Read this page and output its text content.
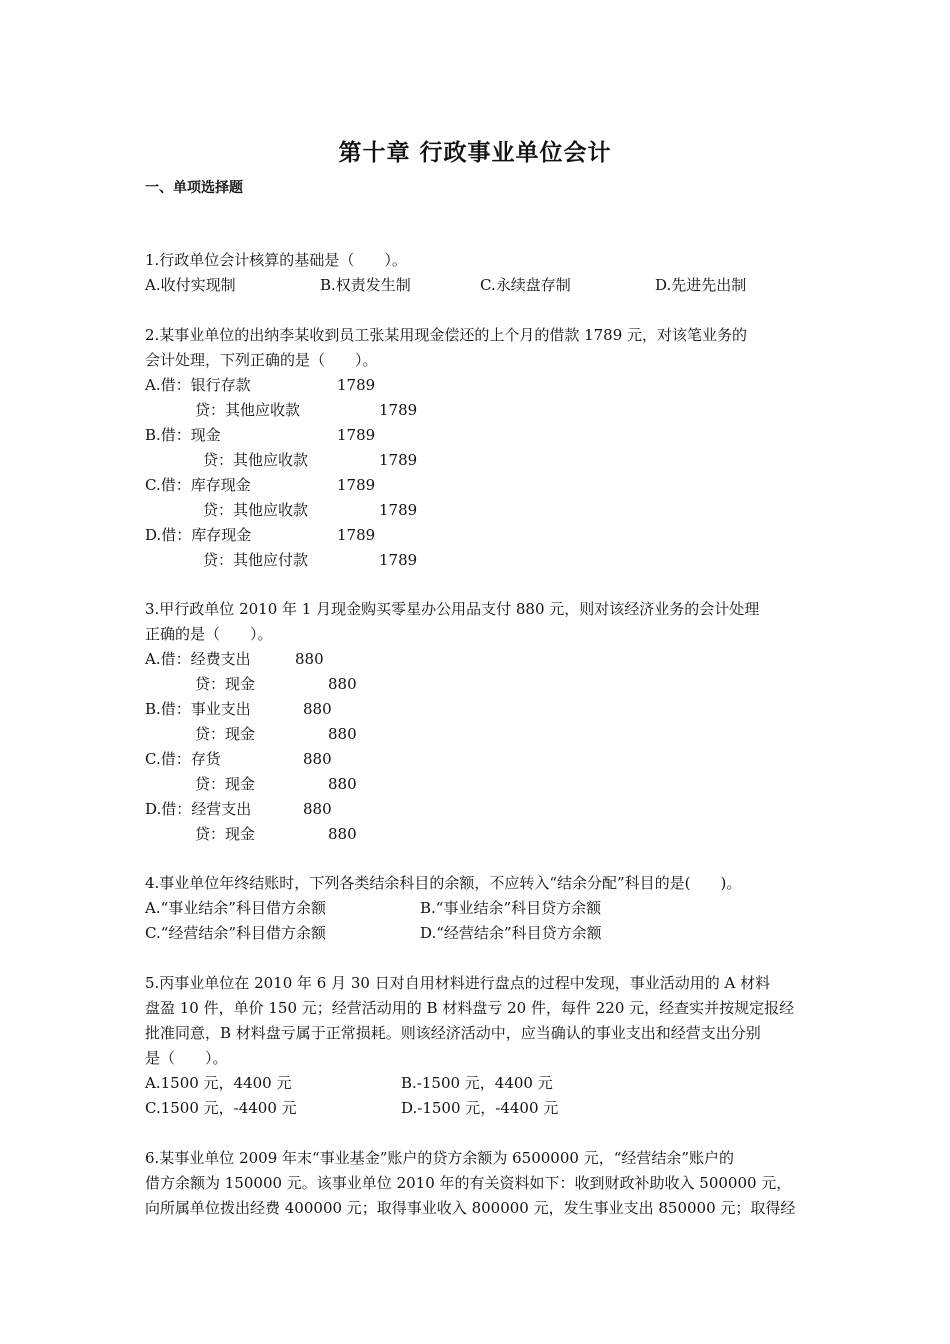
第十章 行政事业单位会计
一、单项选择题
1.行政单位会计核算的基础是（　　）。
A.收付实现制	B.权责发生制	C.永续盘存制	D.先进先出制
2.某事业单位的出纳李某收到员工张某用现金偿还的上个月的借款 1789 元，对该笔业务的
会计处理，下列正确的是（　　）。
A.借：银行存款	1789
贷：其他应收款	1789
B.借：现金	1789
贷：其他应收款	1789
C.借：库存现金	1789
贷：其他应收款	1789
D.借：库存现金	1789
贷：其他应付款	1789
3.甲行政单位 2010 年 1 月现金购买零星办公用品支付 880 元，则对该经济业务的会计处理
正确的是（　　）。
A.借：经费支出	880
贷：现金	880
B.借：事业支出	880
贷：现金	880
C.借：存货	880
贷：现金	880
D.借：经营支出	880
贷：现金	880
4.事业单位年终结账时，下列各类结余科目的余额，不应转入“结余分配”科目的是(　　)。
A.“事业结余”科目借方余额	B.“事业结余”科目贷方余额
C.“经营结余”科目借方余额	D.“经营结余”科目贷方余额
5.丙事业单位在 2010 年 6 月 30 日对自用材料进行盘点的过程中发现，事业活动用的 A 材料
盘盈 10 件，单价 150 元；经营活动用的 B 材料盘亏 20 件，每件 220 元，经查实并按规定报经
批准同意，B 材料盘亏属于正常损耗。则该经济活动中，应当确认的事业支出和经营支出分别
是（　　）。
A.1500 元，4400 元	B.-1500 元，4400 元
C.1500 元，-4400 元	D.-1500 元，-4400 元
6.某事业单位 2009 年末“事业基金”账户的贷方余额为 6500000 元，“经营结余”账户的
借方余额为 150000 元。该事业单位 2010 年的有关资料如下：收到财政补助收入 500000 元，
向所属单位拨出经费 400000 元；取得事业收入 800000 元，发生事业支出 850000 元；取得经
